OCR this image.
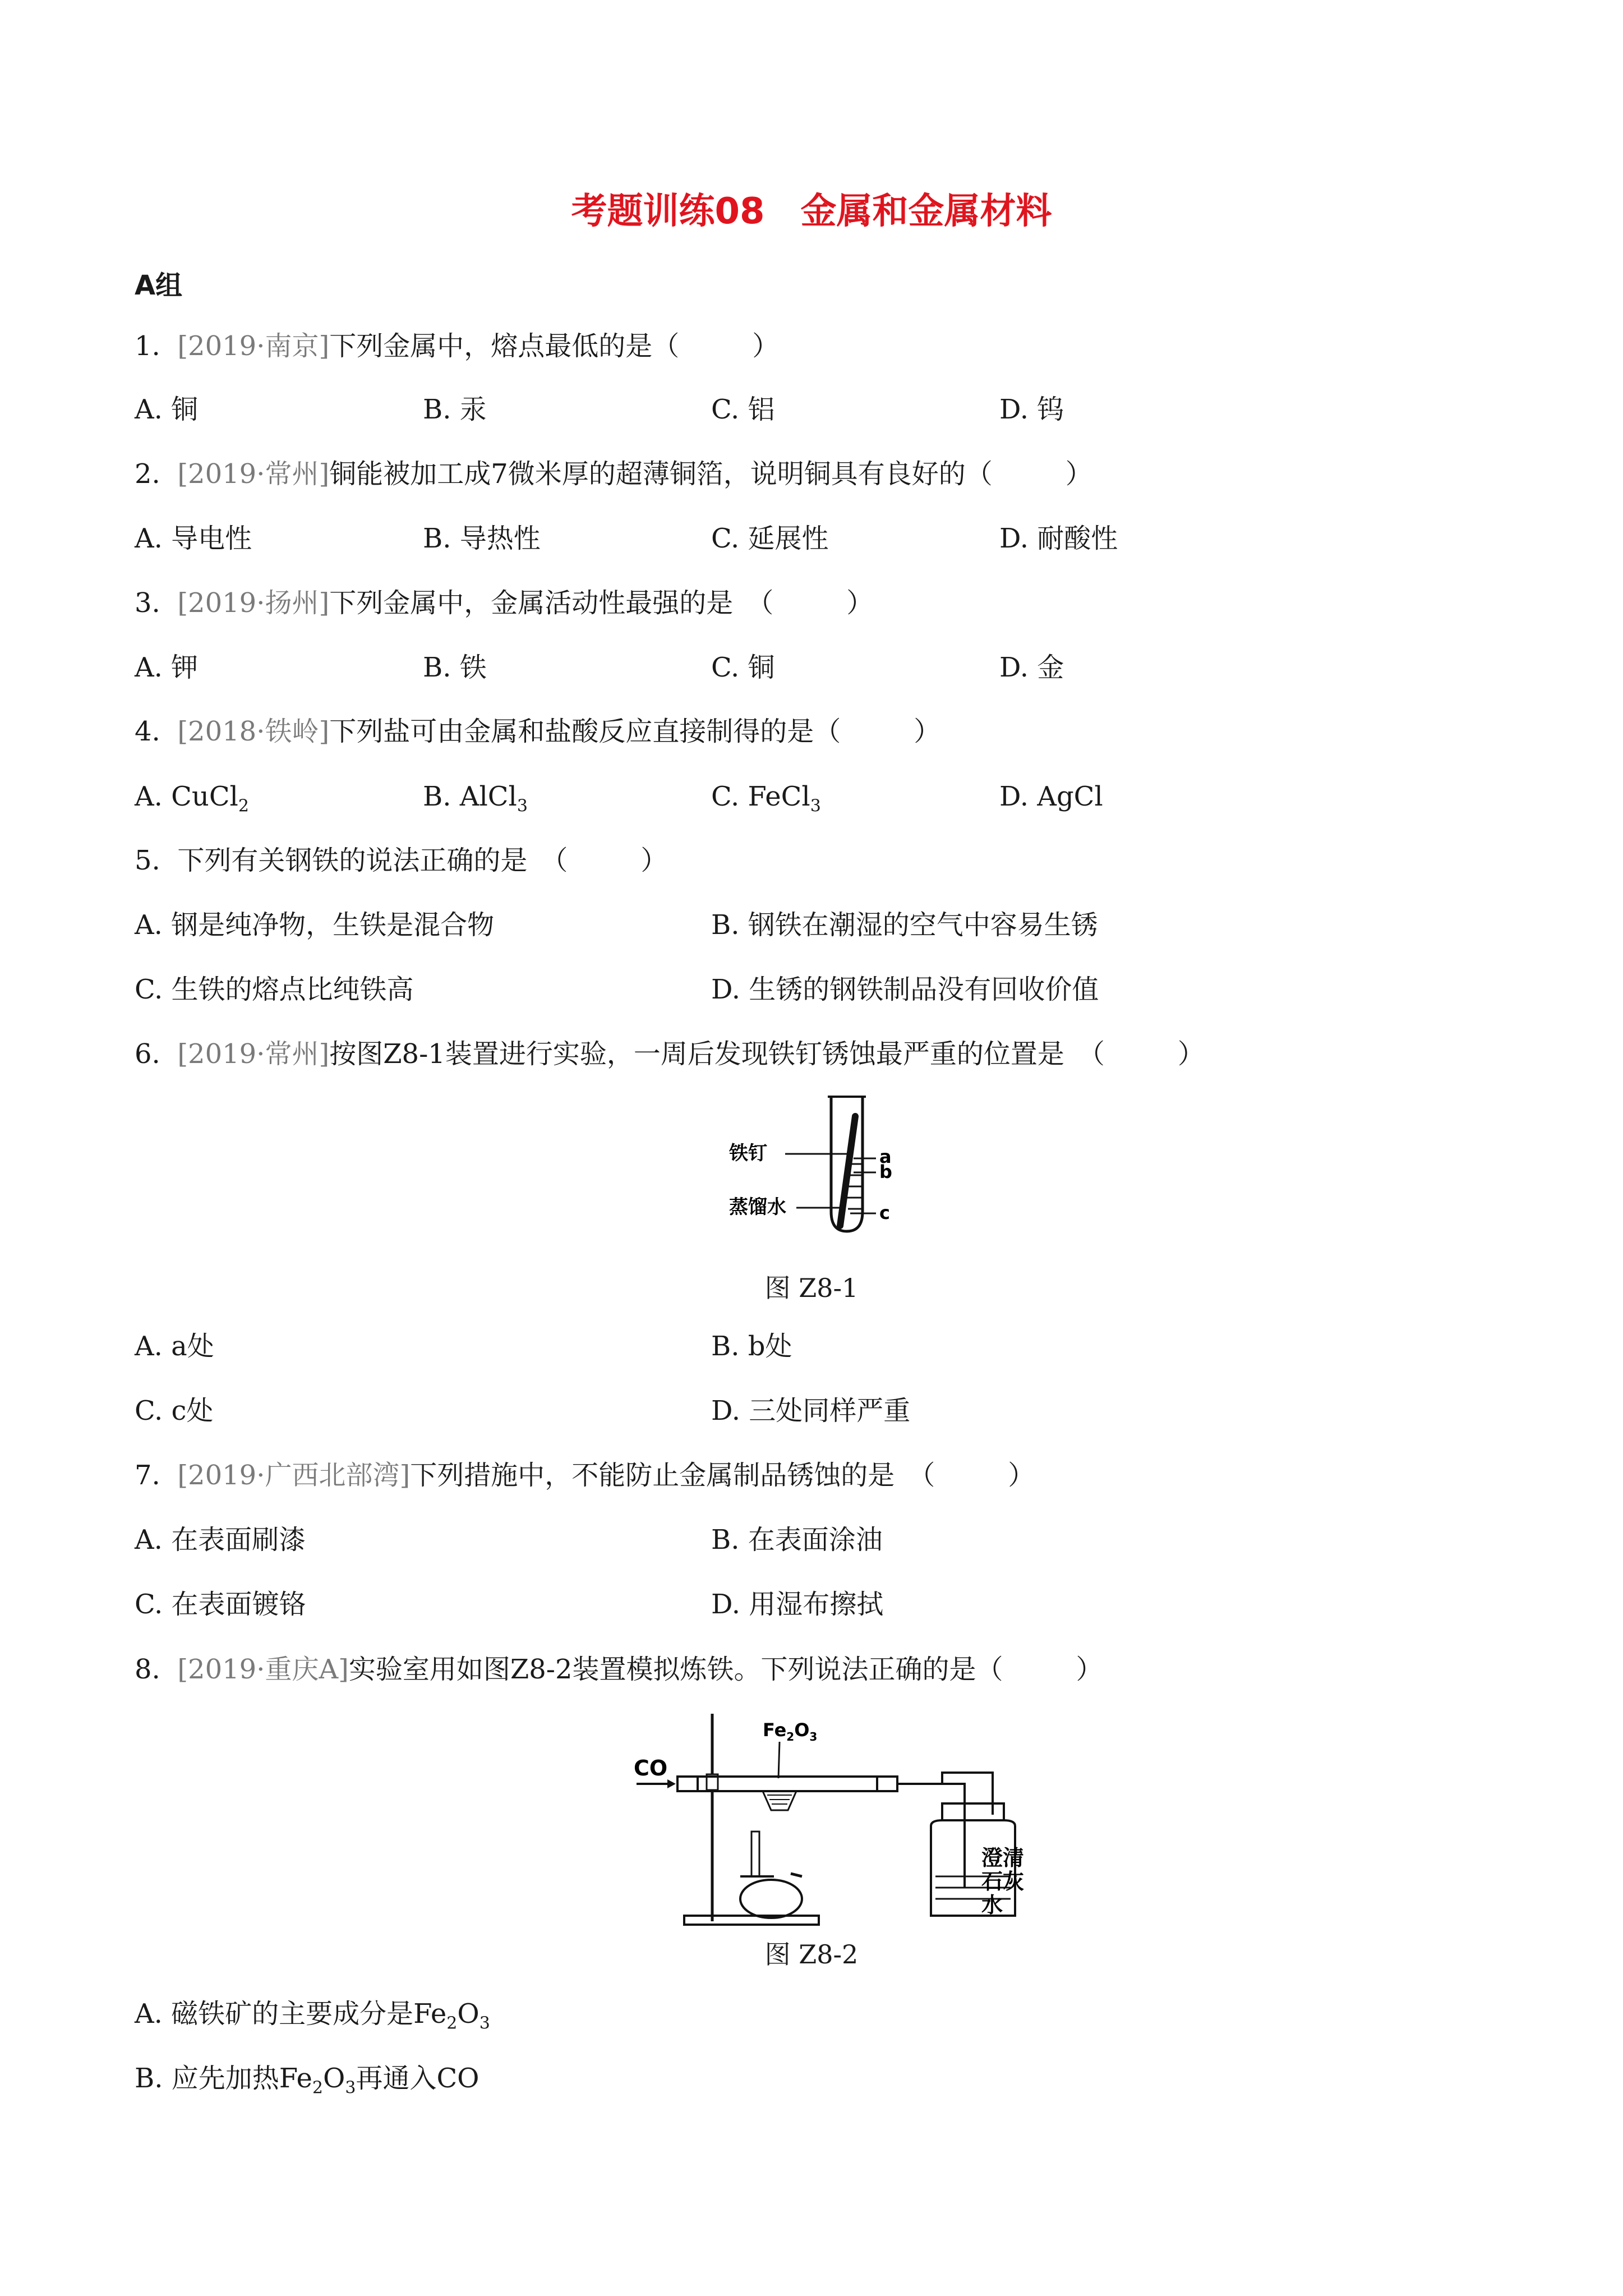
考题训练08　金属和金属材料
A组
1. [2019·南京]下列金属中，熔点最低的是（	）
A. 铜	B. 汞	C. 铝	D. 钨
2. [2019·常州]铜能被加工成7微米厚的超薄铜箔，说明铜具有良好的（	）
A. 导电性	B. 导热性	C. 延展性	D. 耐酸性
3. [2019·扬州]下列金属中，金属活动性最强的是　（	）
A. 钾	B. 铁	C. 铜	D. 金
4. [2018·铁岭]下列盐可由金属和盐酸反应直接制得的是（	）
A. CuCl$_2$	B. AlCl$_3$	C. FeCl$_3$	D. AgCl
5. 下列有关钢铁的说法正确的是　（	）
A. 钢是纯净物，生铁是混合物	B. 钢铁在潮湿的空气中容易生锈
C. 生铁的熔点比纯铁高	D. 生锈的钢铁制品没有回收价值
6. [2019·常州]按图Z8-1装置进行实验，一周后发现铁钉锈蚀最严重的位置是　（	）
铁钉
蒸馏水
a
b
c
图 Z8-1
A. a处	B. b处
C. c处	D. 三处同样严重
7. [2019·广西北部湾]下列措施中，不能防止金属制品锈蚀的是　（	）
A. 在表面刷漆	B. 在表面涂油
C. 在表面镀铬	D. 用湿布擦拭
8. [2019·重庆A]实验室用如图Z8-2装置模拟炼铁。下列说法正确的是（	）
CO
$Fe_2O_3$
澄清
石灰
水
图 Z8-2
A. 磁铁矿的主要成分是$Fe_2O_3$
B. 应先加热$Fe_2O_3$再通入CO
